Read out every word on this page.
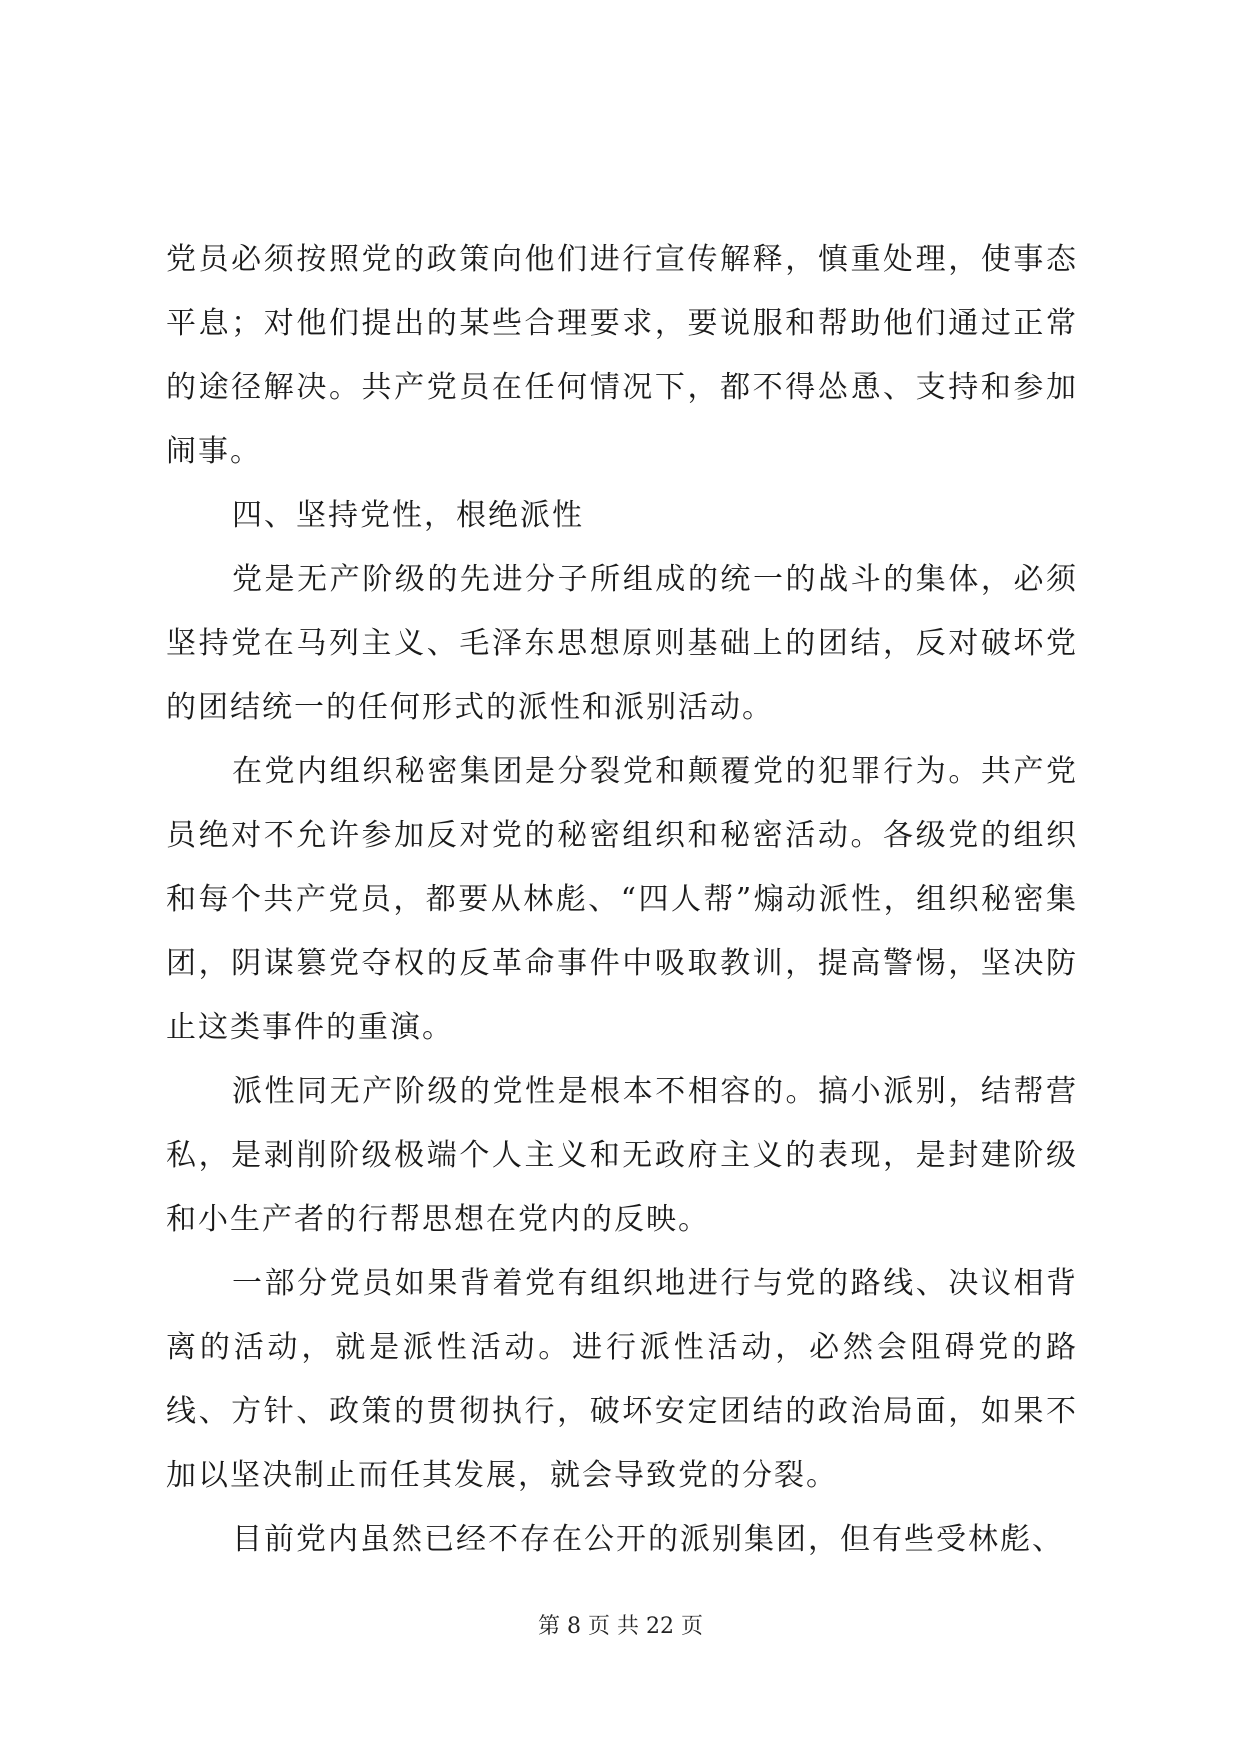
党员必须按照党的政策向他们进行宣传解释，慎重处理，使事态平息；对他们提出的某些合理要求，要说服和帮助他们通过正常的途径解决。共产党员在任何情况下，都不得怂恿、支持和参加闹事。

四、坚持党性，根绝派性

党是无产阶级的先进分子所组成的统一的战斗的集体，必须坚持党在马列主义、毛泽东思想原则基础上的团结，反对破坏党的团结统一的任何形式的派性和派别活动。

在党内组织秘密集团是分裂党和颠覆党的犯罪行为。共产党员绝对不允许参加反对党的秘密组织和秘密活动。各级党的组织和每个共产党员，都要从林彪、“四人帮”煽动派性，组织秘密集团，阴谋篡党夺权的反革命事件中吸取教训，提高警惕，坚决防止这类事件的重演。

派性同无产阶级的党性是根本不相容的。搞小派别，结帮营私，是剥削阶级极端个人主义和无政府主义的表现，是封建阶级和小生产者的行帮思想在党内的反映。

一部分党员如果背着党有组织地进行与党的路线、决议相背离的活动，就是派性活动。进行派性活动，必然会阻碍党的路线、方针、政策的贯彻执行，破坏安定团结的政治局面，如果不加以坚决制止而任其发展，就会导致党的分裂。

目前党内虽然已经不存在公开的派别集团，但有些受林彪、

第 8 页 共 22 页
